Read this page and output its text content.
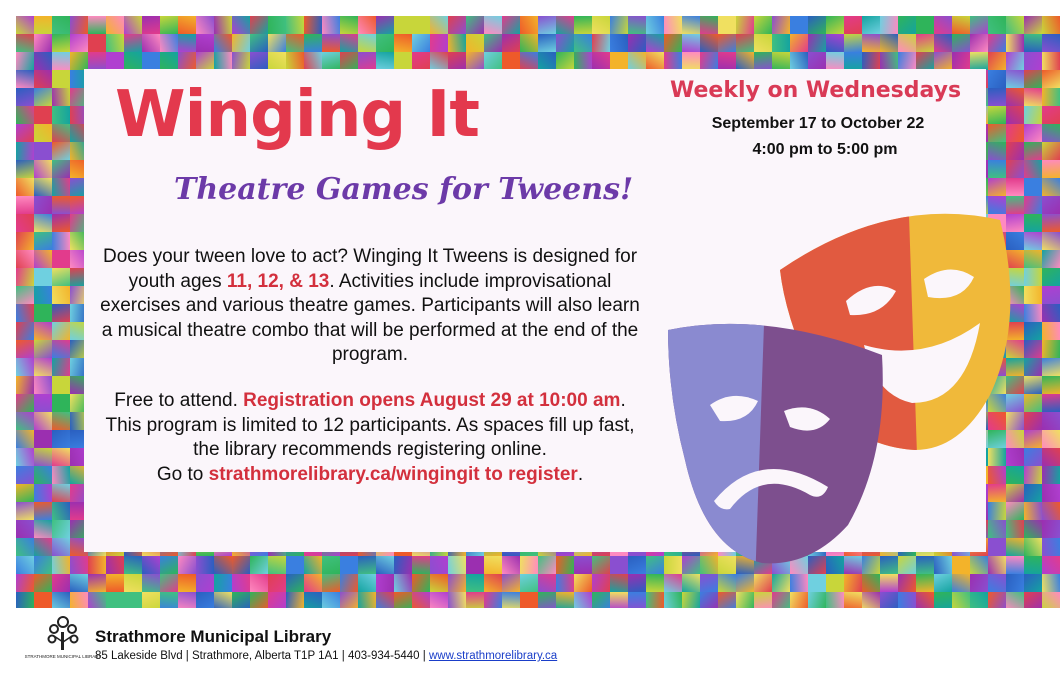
Winging It
Theatre Games for Tweens!
Weekly on Wednesdays
September 17 to October 22
4:00 pm to 5:00 pm

Does your tween love to act? Winging It Tweens is designed for youth ages 11, 12, & 13. Activities include improvisational exercises and various theatre games. Participants will also learn a musical theatre combo that will be performed at the end of the program.

Free to attend. Registration opens August 29 at 10:00 am. This program is limited to 12 participants. As spaces fill up fast, the library recommends registering online.
Go to strathmorelibrary.ca/wingingit to register.

STRATHMORE MUNICIPAL LIBRARY
Strathmore Municipal Library
85 Lakeside Blvd | Strathmore, Alberta T1P 1A1 | 403-934-5440 | www.strathmorelibrary.ca
